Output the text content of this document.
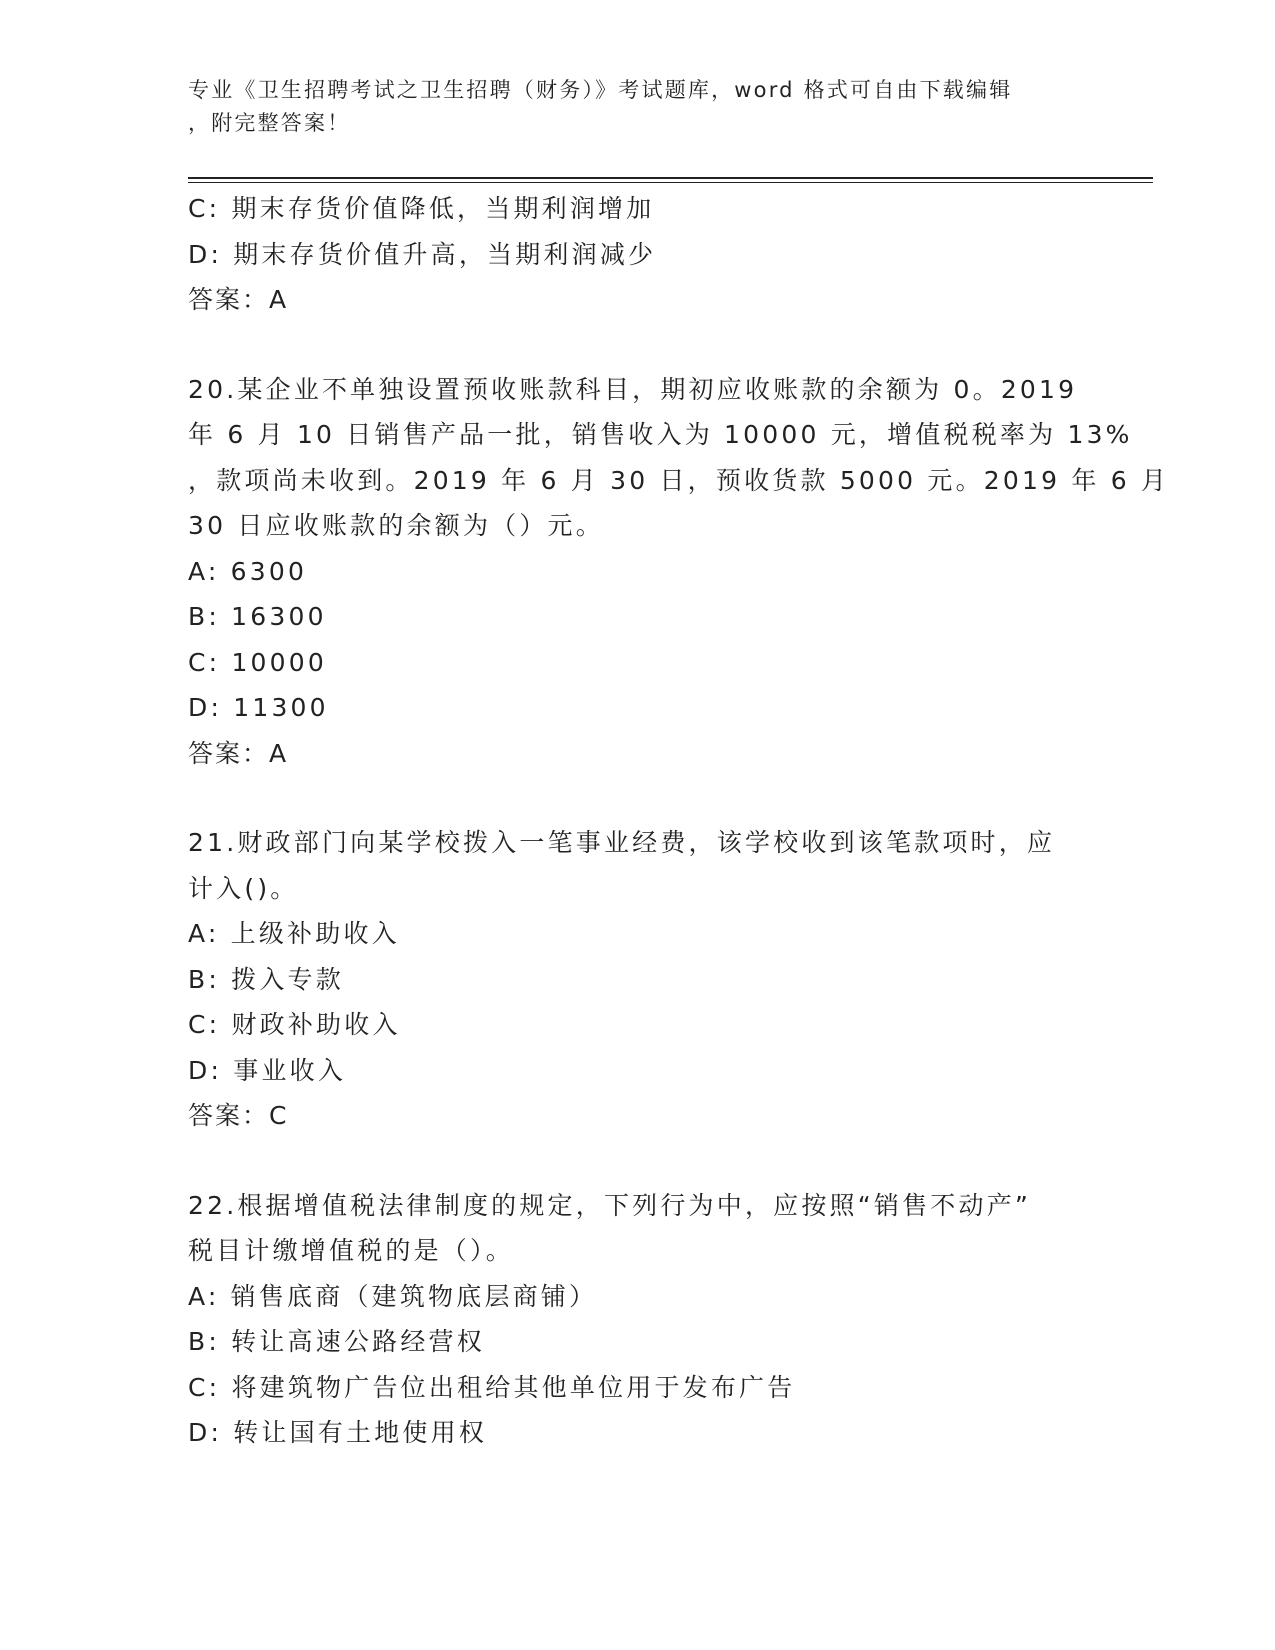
专业《卫生招聘考试之卫生招聘（财务）》考试题库，word 格式可自由下载编辑
，附完整答案！
C: 期末存货价值降低，当期利润增加
D: 期末存货价值升高，当期利润减少
答案：A
20.某企业不单独设置预收账款科目，期初应收账款的余额为 0。2019
年 6 月 10 日销售产品一批，销售收入为 10000 元，增值税税率为 13%
，款项尚未收到。2019 年 6 月 30 日，预收货款 5000 元。2019 年 6 月
30 日应收账款的余额为（）元。
A: 6300
B: 16300
C: 10000
D: 11300
答案：A
21.财政部门向某学校拨入一笔事业经费，该学校收到该笔款项时，应
计入()。
A: 上级补助收入
B: 拨入专款
C: 财政补助收入
D: 事业收入
答案：C
22.根据增值税法律制度的规定，下列行为中，应按照“销售不动产”
税目计缴增值税的是（）。
A: 销售底商（建筑物底层商铺）
B: 转让高速公路经营权
C: 将建筑物广告位出租给其他单位用于发布广告
D: 转让国有土地使用权
